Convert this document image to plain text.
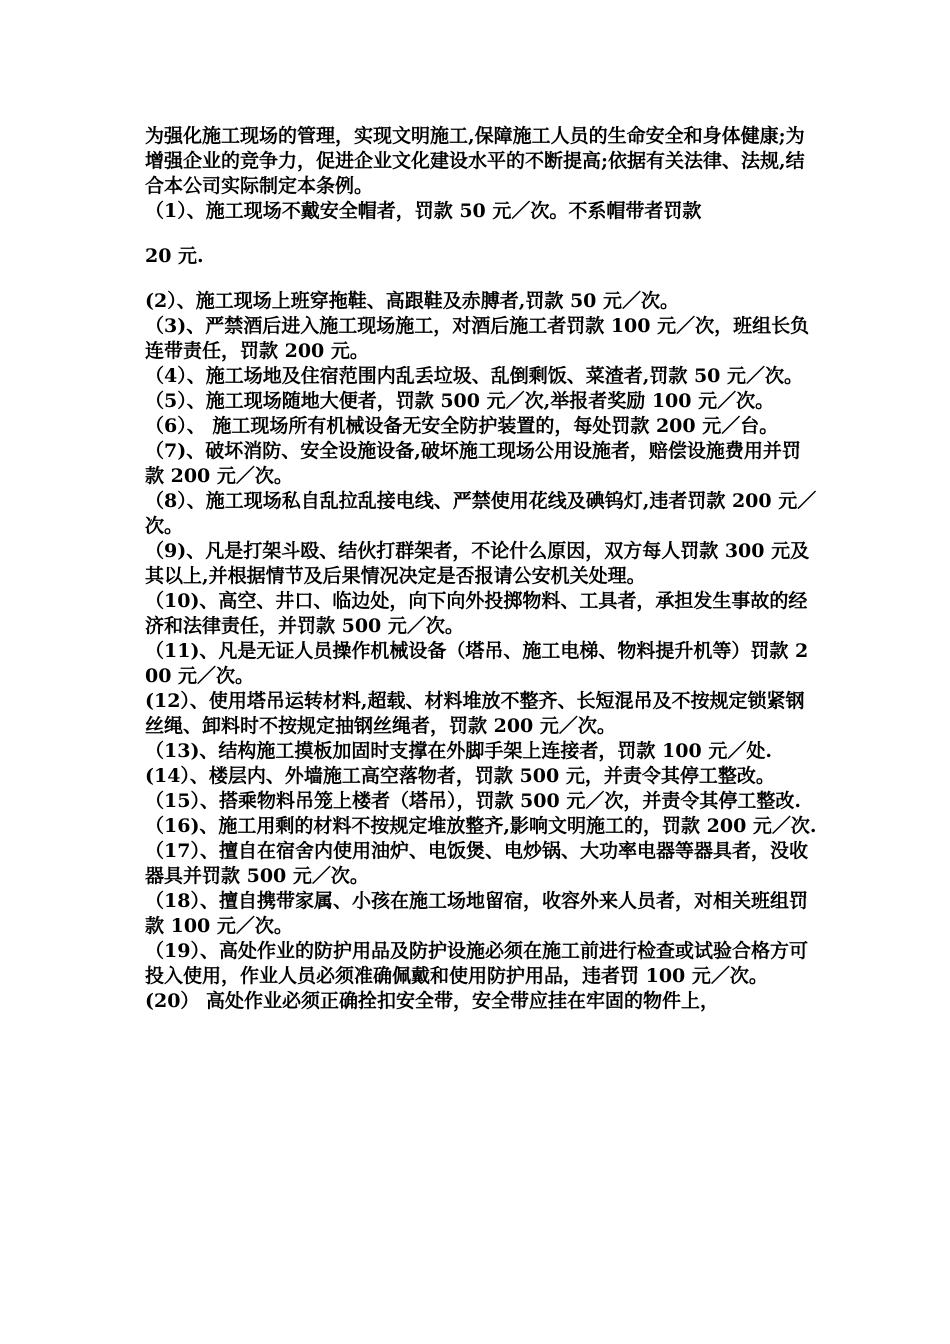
为强化施工现场的管理，实现文明施工,保障施工人员的生命安全和身体健康;为增强企业的竞争力，促进企业文化建设水平的不断提高;依据有关法律、法规,结合本公司实际制定本条例。

（1）、施工现场不戴安全帽者，罚款 50 元／次。不系帽带者罚款

20 元.

(2）、施工现场上班穿拖鞋、高跟鞋及赤膊者,罚款 50 元／次。

（3)、严禁酒后进入施工现场施工，对酒后施工者罚款 100 元／次，班组长负连带责任，罚款 200 元。

（4）、施工场地及住宿范围内乱丢垃圾、乱倒剩饭、菜渣者,罚款 50 元／次。

（5）、施工现场随地大便者，罚款 500 元／次,举报者奖励 100 元／次。

（6）、 施工现场所有机械设备无安全防护装置的，每处罚款 200 元／台。

（7)、破坏消防、安全设施设备,破坏施工现场公用设施者，赔偿设施费用并罚款 200 元／次。

（8）、施工现场私自乱拉乱接电线、严禁使用花线及碘钨灯,违者罚款 200 元／次。

（9)、凡是打架斗殴、结伙打群架者，不论什么原因，双方每人罚款 300 元及其以上,并根据情节及后果情况决定是否报请公安机关处理。

（10)、高空、井口、临边处，向下向外投掷物料、工具者，承担发生事故的经济和法律责任，并罚款 500 元／次。

（11)、凡是无证人员操作机械设备（塔吊、施工电梯、物料提升机等）罚款 200 元／次。

(12）、使用塔吊运转材料,超载、材料堆放不整齐、长短混吊及不按规定锁紧钢丝绳、卸料时不按规定抽钢丝绳者，罚款 200 元／次。

（13)、结构施工摸板加固时支撑在外脚手架上连接者，罚款 100 元／处.

(14）、楼层内、外墙施工高空落物者，罚款 500 元，并责令其停工整改。

（15）、搭乘物料吊笼上楼者（塔吊），罚款 500 元／次，并责令其停工整改.

（16)、施工用剩的材料不按规定堆放整齐,影响文明施工的，罚款 200 元／次.

（17）、擅自在宿舍内使用油炉、电饭煲、电炒锅、大功率电器等器具者，没收器具并罚款 500 元／次。

（18）、擅自携带家属、小孩在施工场地留宿，收容外来人员者，对相关班组罚款 100 元／次。

（19）、高处作业的防护用品及防护设施必须在施工前进行检查或试验合格方可投入使用，作业人员必须准确佩戴和使用防护用品，违者罚 100 元／次。

(20） 高处作业必须正确拴扣安全带，安全带应挂在牢固的物件上，
